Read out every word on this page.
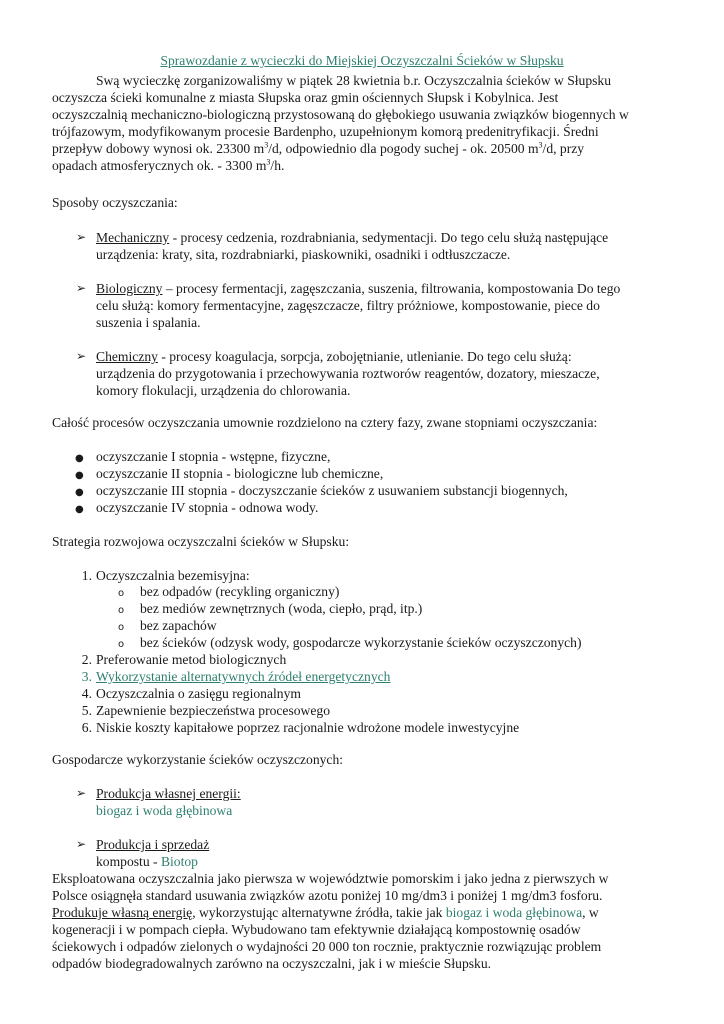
Sprawozdanie z wycieczki do Miejskiej Oczyszczalni Ścieków w Słupsku
Swą wycieczkę zorganizowaliśmy w piątek 28 kwietnia b.r. Oczyszczalnia ścieków w Słupsku
oczyszcza ścieki komunalne z miasta Słupska oraz gmin ościennych Słupsk i Kobylnica. Jest
oczyszczalnią mechaniczno-biologiczną przystosowaną do głębokiego usuwania związków biogennych w
trójfazowym, modyfikowanym procesie Bardenpho, uzupełnionym komorą predenitryfikacji. Średni
przepływ dobowy wynosi ok. 23300 $m^3/d$, odpowiednio dla pogody suchej - ok. 20500 $m^3/d$, przy
opadach atmosferycznych ok. - 3300 $m^3/h$.
Sposoby oczyszczania:
➢ Mechaniczny - procesy cedzenia, rozdrabniania, sedymentacji. Do tego celu służą następujące
urządzenia: kraty, sita, rozdrabniarki, piaskowniki, osadniki i odtłuszczacze.
➢ Biologiczny – procesy fermentacji, zagęszczania, suszenia, filtrowania, kompostowania Do tego
celu służą: komory fermentacyjne, zagęszczacze, filtry próżniowe, kompostowanie, piece do
suszenia i spalania.
➢ Chemiczny - procesy koagulacja, sorpcja, zobojętnianie, utlenianie. Do tego celu służą:
urządzenia do przygotowania i przechowywania roztworów reagentów, dozatory, mieszacze,
komory flokulacji, urządzenia do chlorowania.
Całość procesów oczyszczania umownie rozdzielono na cztery fazy, zwane stopniami oczyszczania:
● oczyszczanie I stopnia - wstępne, fizyczne,
● oczyszczanie II stopnia - biologiczne lub chemiczne,
● oczyszczanie III stopnia - doczyszczanie ścieków z usuwaniem substancji biogennych,
● oczyszczanie IV stopnia - odnowa wody.
Strategia rozwojowa oczyszczalni ścieków w Słupsku:
1. Oczyszczalnia bezemisyjna:
o bez odpadów (recykling organiczny)
o bez mediów zewnętrznych (woda, ciepło, prąd, itp.)
o bez zapachów
o bez ścieków (odzysk wody, gospodarcze wykorzystanie ścieków oczyszczonych)
2. Preferowanie metod biologicznych
3. Wykorzystanie alternatywnych źródeł energetycznych
4. Oczyszczalnia o zasięgu regionalnym
5. Zapewnienie bezpieczeństwa procesowego
6. Niskie koszty kapitałowe poprzez racjonalnie wdrożone modele inwestycyjne
Gospodarcze wykorzystanie ścieków oczyszczonych:
➢ Produkcja własnej energii:
biogaz i woda głębinowa
➢ Produkcja i sprzedaż
kompostu - Biotop
Eksploatowana oczyszczalnia jako pierwsza w województwie pomorskim i jako jedna z pierwszych w
Polsce osiągnęła standard usuwania związków azotu poniżej 10 mg/dm3 i poniżej 1 mg/dm3 fosforu.
Produkuje własną energię, wykorzystując alternatywne źródła, takie jak biogaz i woda głębinowa, w
kogeneracji i w pompach ciepła. Wybudowano tam efektywnie działającą kompostownię osadów
ściekowych i odpadów zielonych o wydajności 20 000 ton rocznie, praktycznie rozwiązując problem
odpadów biodegradowalnych zarówno na oczyszczalni, jak i w mieście Słupsku.
